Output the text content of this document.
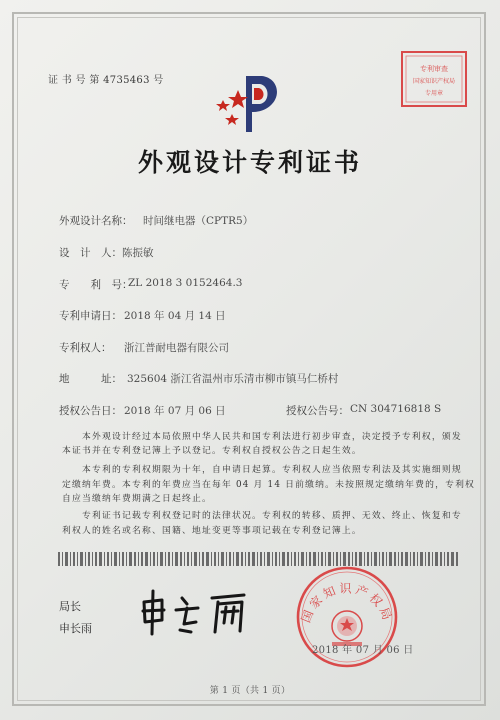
证 书 号 第 4735463 号
专利审查
国家知识产权局
专用章
外观设计专利证书
外观设计名称： 时间继电器（CPTR5）
设　计　人： 陈振敏
专　　利　号：
ZL 2018 3 0152464.3
专利申请日： 2018 年 04 月 14 日
专利权人： 浙江普耐电器有限公司
地　　　址： 325604 浙江省温州市乐清市柳市镇马仁桥村
授权公告日： 2018 年 07 月 06 日	授权公告号： CN 304716818 S
本外观设计经过本局依照中华人民共和国专利法进行初步审查，决定授予专利权，颁发
本证书并在专利登记簿上予以登记。专利权自授权公告之日起生效。
本专利的专利权期限为十年，自申请日起算。专利权人应当依照专利法及其实施细则规
定缴纳年费。本专利的年费应当在每年 04 月 14 日前缴纳。未按照规定缴纳年费的，专利权
自应当缴纳年费期满之日起终止。
专利证书记载专利权登记时的法律状况。专利权的转移、质押、无效、终止、恢复和专
利权人的姓名或名称、国籍、地址变更等事项记载在专利登记簿上。
局长
申长雨
国家知识产权局
2018 年 07 月 06 日
第 1 页（共 1 页）
